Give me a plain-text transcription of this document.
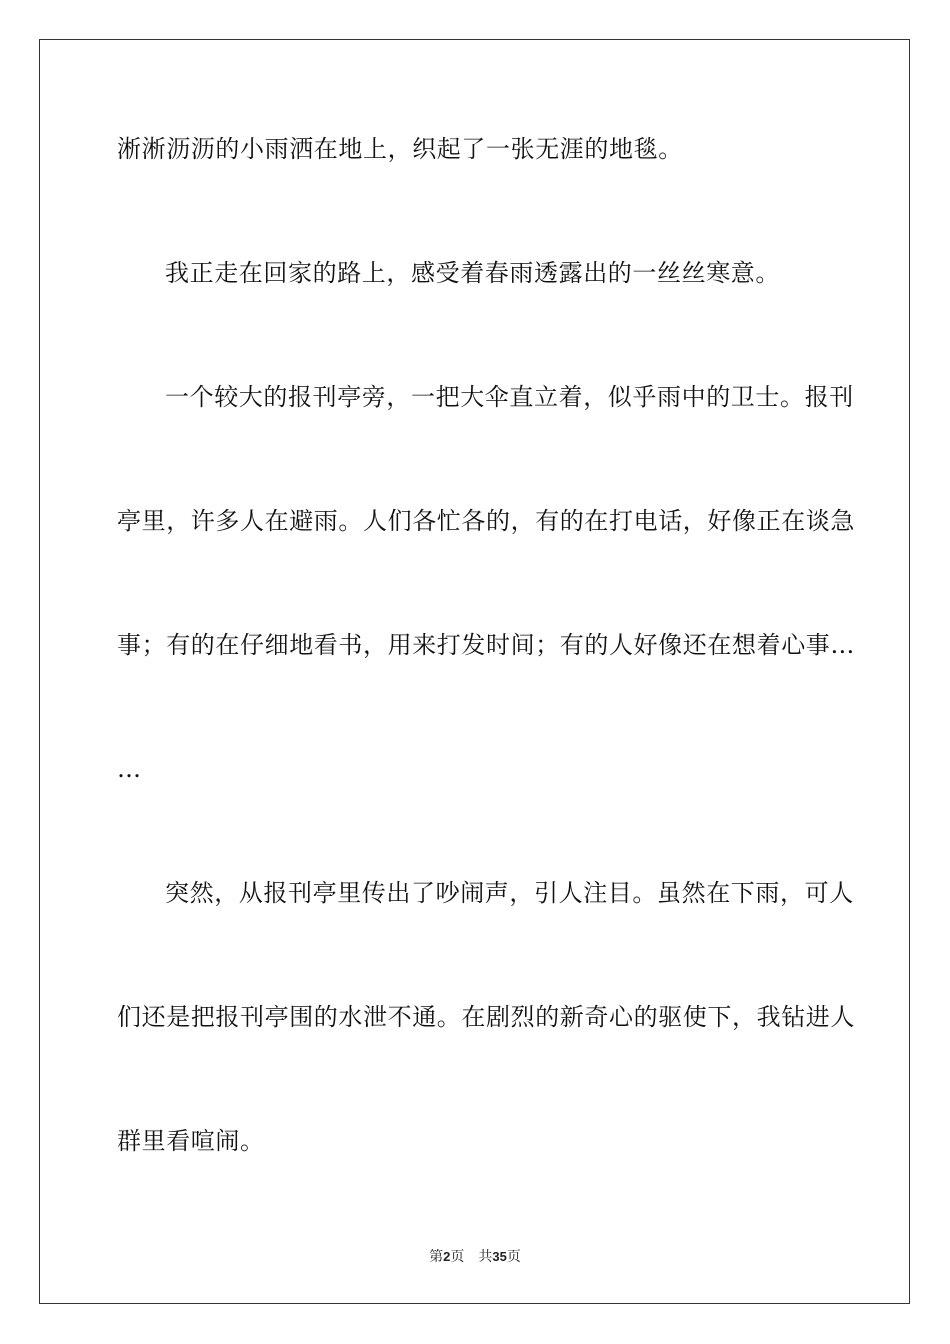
淅淅沥沥的小雨洒在地上，织起了一张无涯的地毯。
我正走在回家的路上，感受着春雨透露出的一丝丝寒意。
一个较大的报刊亭旁，一把大伞直立着，似乎雨中的卫士。报刊
亭里，许多人在避雨。人们各忙各的，有的在打电话，好像正在谈急
事；有的在仔细地看书，用来打发时间；有的人好像还在想着心事…
…
突然，从报刊亭里传出了吵闹声，引人注目。虽然在下雨，可人
们还是把报刊亭围的水泄不通。在剧烈的新奇心的驱使下，我钻进人
群里看喧闹。
第2页 共35页
